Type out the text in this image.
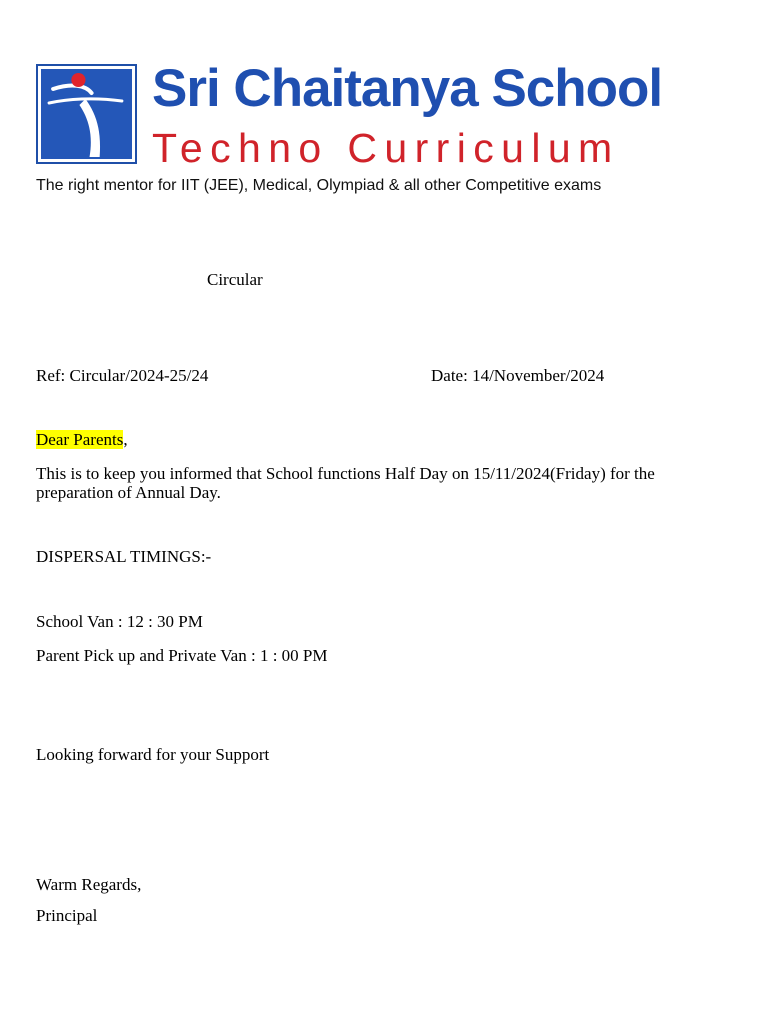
Sri Chaitanya School
Techno Curriculum
The right mentor for IIT (JEE), Medical, Olympiad & all other Competitive exams
Circular
Ref: Circular/2024-25/24	Date: 14/November/2024
Dear Parents,
This is to keep you informed that School functions Half Day on 15/11/2024(Friday) for the preparation of Annual Day.
DISPERSAL TIMINGS:-
School Van : 12 : 30 PM
Parent Pick up and Private Van : 1 : 00 PM
Looking forward for your Support
Warm Regards,
Principal
